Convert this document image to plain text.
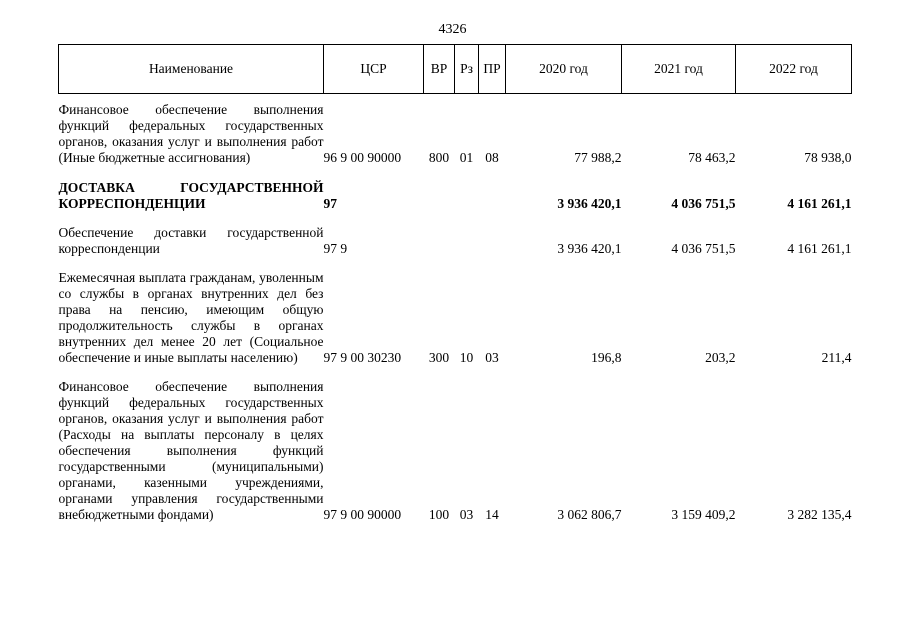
4326
Наименование	ЦСР	ВР	Рз	ПР	2020 год	2021 год	2022 год

Финансовое обеспечение выполнения функций федеральных государственных органов, оказания услуг и выполнения работ (Иные бюджетные ассигнования)	96 9 00 90000	800	01	08	77 988,2	78 463,2	78 938,0

ДОСТАВКА ГОСУДАРСТВЕННОЙ КОРРЕСПОНДЕНЦИИ	97				3 936 420,1	4 036 751,5	4 161 261,1

Обеспечение доставки государственной корреспонденции	97 9				3 936 420,1	4 036 751,5	4 161 261,1

Ежемесячная выплата гражданам, уволенным со службы в органах внутренних дел без права на пенсию, имеющим общую продолжительность службы в органах внутренних дел менее 20 лет (Социальное обеспечение и иные выплаты населению)	97 9 00 30230	300	10	03	196,8	203,2	211,4

Финансовое обеспечение выполнения функций федеральных государственных органов, оказания услуг и выполнения работ (Расходы на выплаты персоналу в целях обеспечения выполнения функций государственными (муниципальными) органами, казенными учреждениями, органами управления государственными внебюджетными фондами)	97 9 00 90000	100	03	14	3 062 806,7	3 159 409,2	3 282 135,4
